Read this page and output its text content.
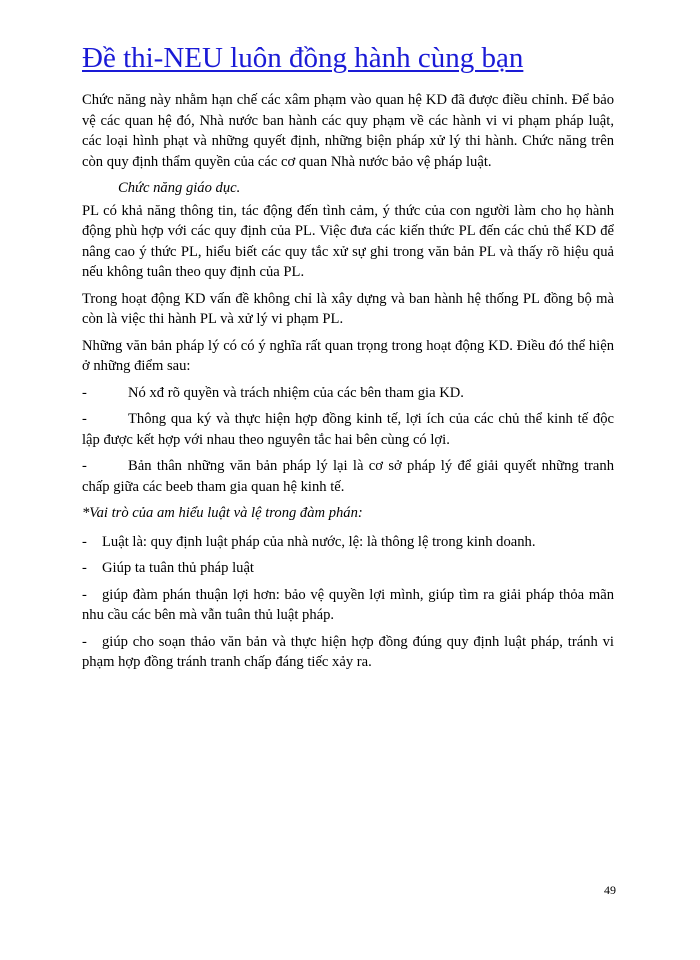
Đề thi-NEU luôn đồng hành cùng bạn

Chức năng này nhằm hạn chế các xâm phạm vào quan hệ KD đã được điều chỉnh. Để bảo vệ các quan hệ đó, Nhà nước ban hành các quy phạm về các hành vi vi phạm pháp luật, các loại hình phạt và những quyết định, những biện pháp xử lý thi hành. Chức năng trên còn quy định thẩm quyền của các cơ quan Nhà nước bảo vệ pháp luật.

Chức năng giáo dục.

PL có khả năng thông tin, tác động đến tình cảm, ý thức của con người làm cho họ hành động phù hợp với các quy định của PL. Việc đưa các kiến thức PL đến các chủ thể KD để nâng cao ý thức PL, hiểu biết các quy tắc xử sự ghi trong văn bản PL và thấy rõ hiệu quả nếu không tuân theo quy định của PL.

Trong hoạt động KD vấn đề không chỉ là xây dựng và ban hành hệ thống PL đồng bộ mà còn là việc thi hành PL và xử lý vi phạm PL.

Những văn bản pháp lý có có ý nghĩa rất quan trọng trong hoạt động KD. Điều đó thể hiện ở những điểm sau:

-	Nó xđ rõ quyền và trách nhiệm của các bên tham gia KD.
-	Thông qua ký và thực hiện hợp đồng kinh tế, lợi ích của các chủ thể kinh tế độc lập được kết hợp với nhau theo nguyên tắc hai bên cùng có lợi.
-	Bản thân những văn bản pháp lý lại là cơ sở pháp lý để giải quyết những tranh chấp giữa các beeb tham gia quan hệ kinh tế.

*Vai trò của am hiểu luật và lệ trong đàm phán:

- Luật là: quy định luật pháp của nhà nước, lệ: là thông lệ trong kinh doanh.
- Giúp ta tuân thủ pháp luật
- giúp đàm phán thuận lợi hơn: bảo vệ quyền lợi mình, giúp tìm ra giải pháp thỏa mãn nhu cầu các bên mà vẫn tuân thủ luật pháp.
- giúp cho soạn thảo văn bản và thực hiện hợp đồng đúng quy định luật pháp, tránh vi phạm hợp đồng tránh tranh chấp đáng tiếc xảy ra.
49
